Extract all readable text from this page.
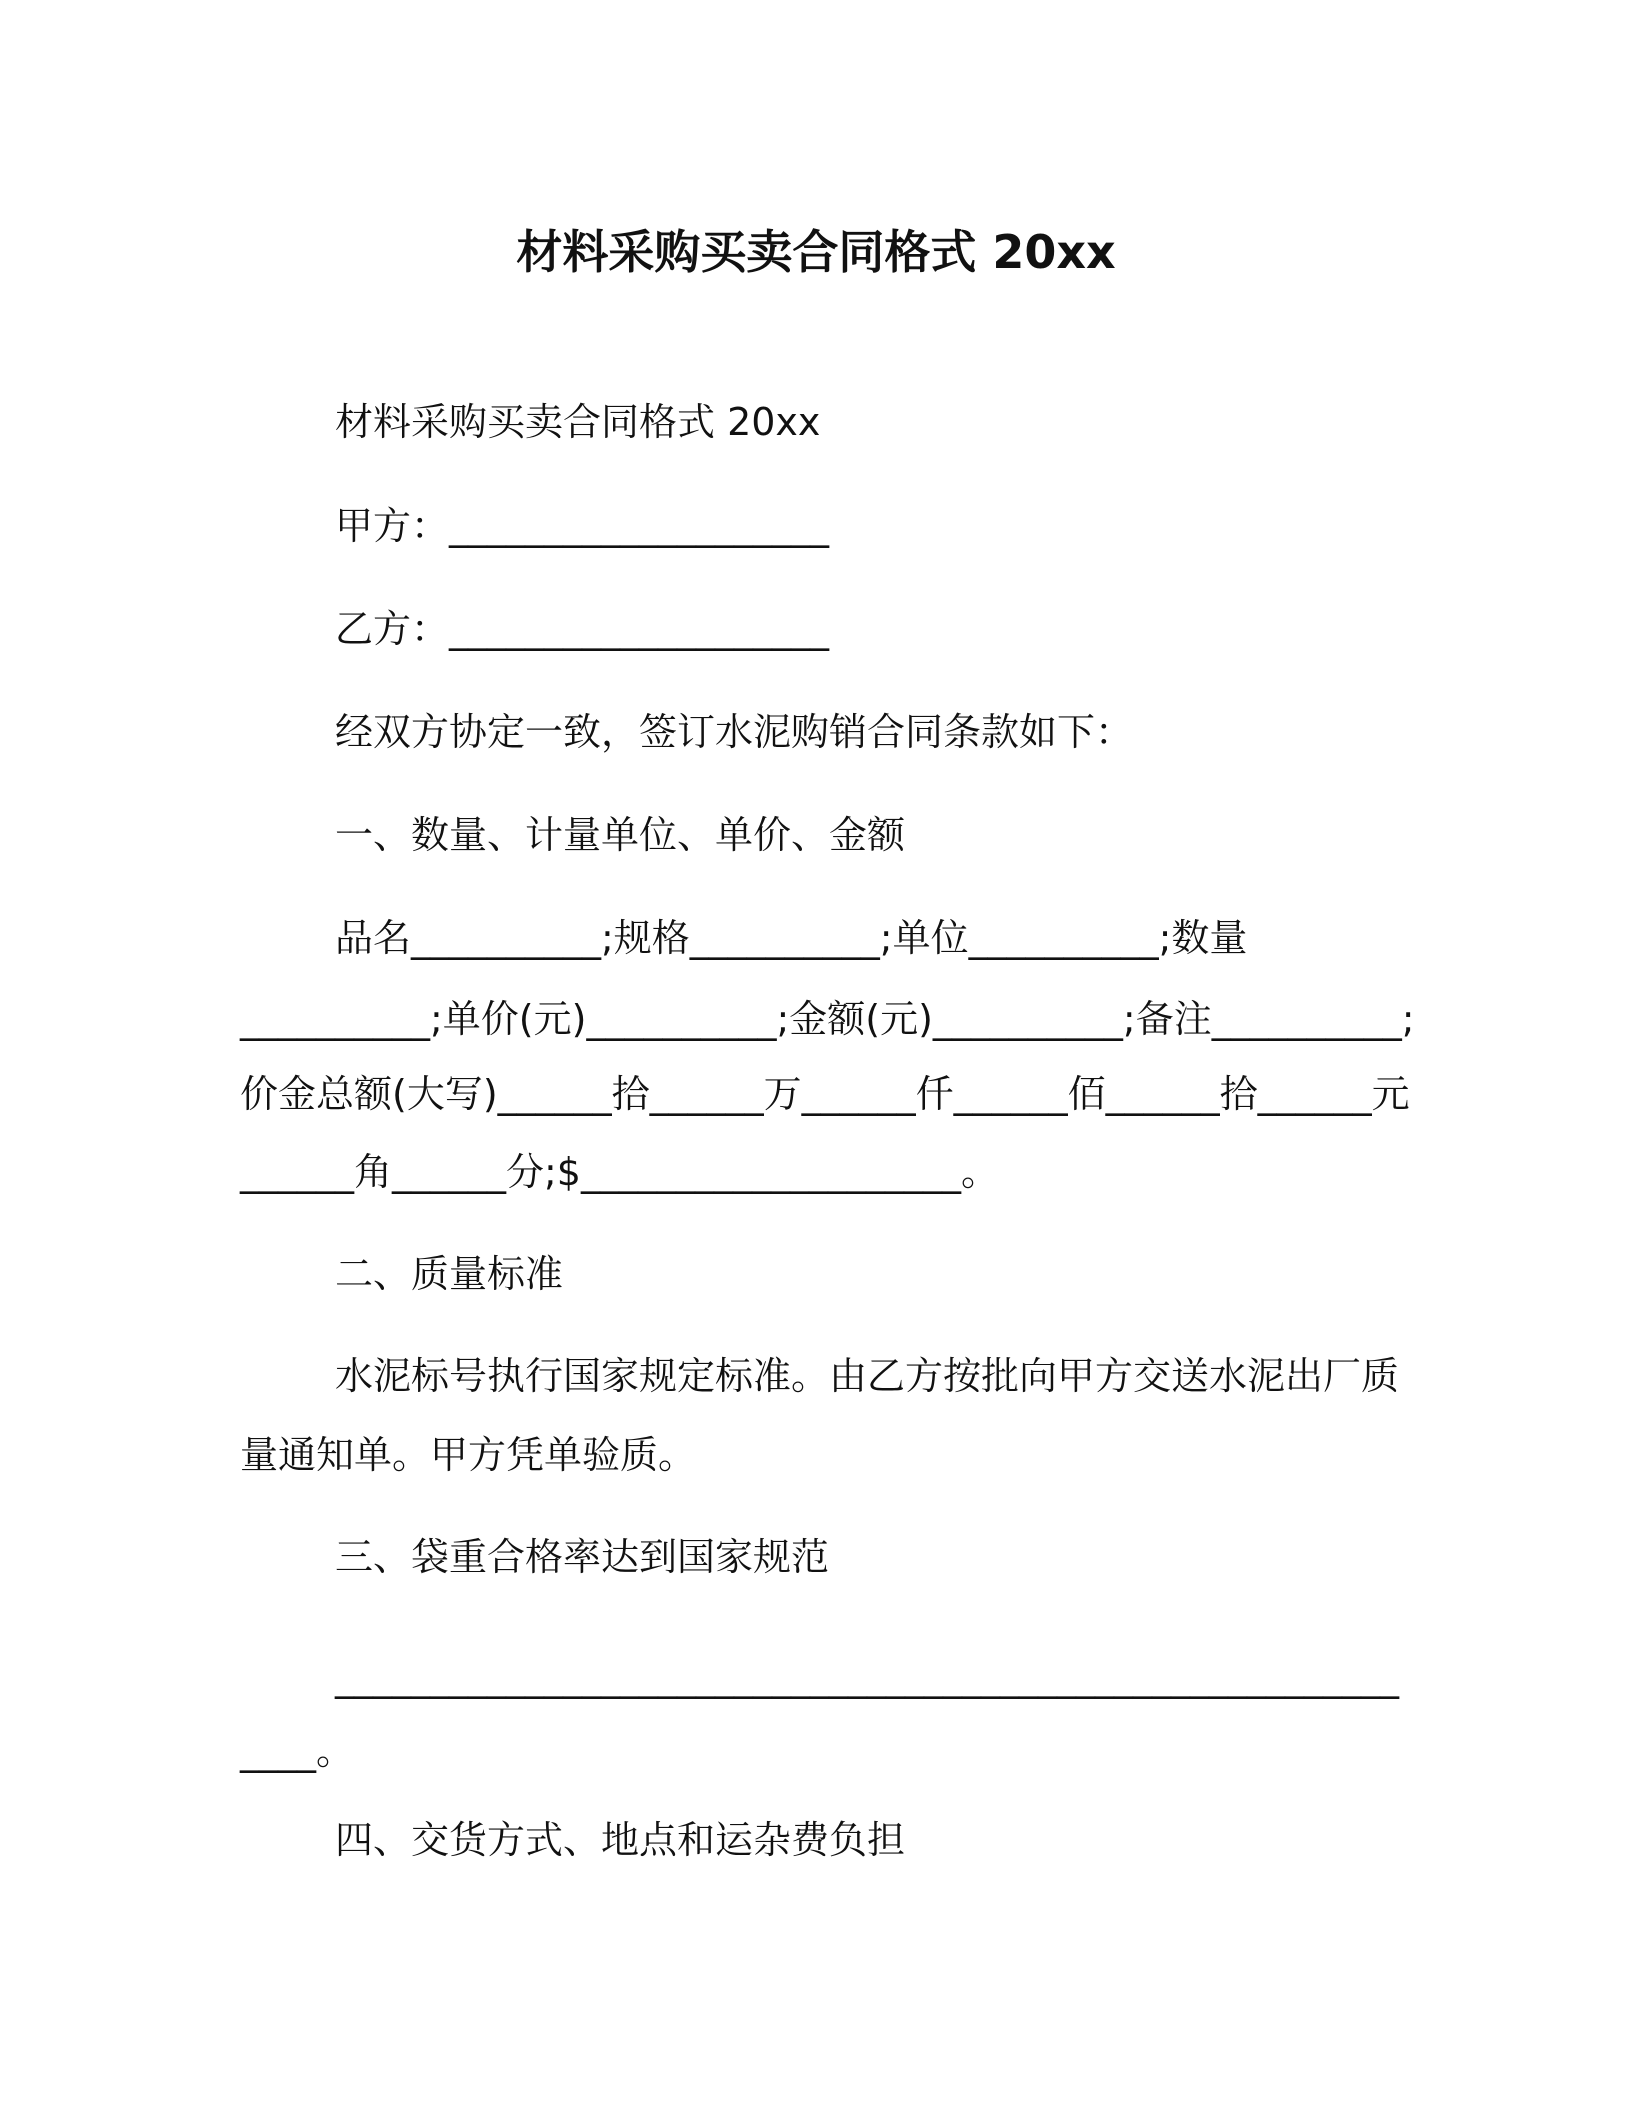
材料采购买卖合同格式 20xx
材料采购买卖合同格式 20xx
甲方：____________________
乙方：____________________
经双方协定一致，签订水泥购销合同条款如下：
一、数量、计量单位、单价、金额
品名__________;规格__________;单位__________;数量
__________;单价(元)__________;金额(元)__________;备注__________;
价金总额(大写)______拾______万______仟______佰______拾______元
______角______分;$____________________。
二、质量标准
水泥标号执行国家规定标准。由乙方按批向甲方交送水泥出厂质
量通知单。甲方凭单验质。
三、袋重合格率达到国家规范
________________________________________________________
____。
四、交货方式、地点和运杂费负担
